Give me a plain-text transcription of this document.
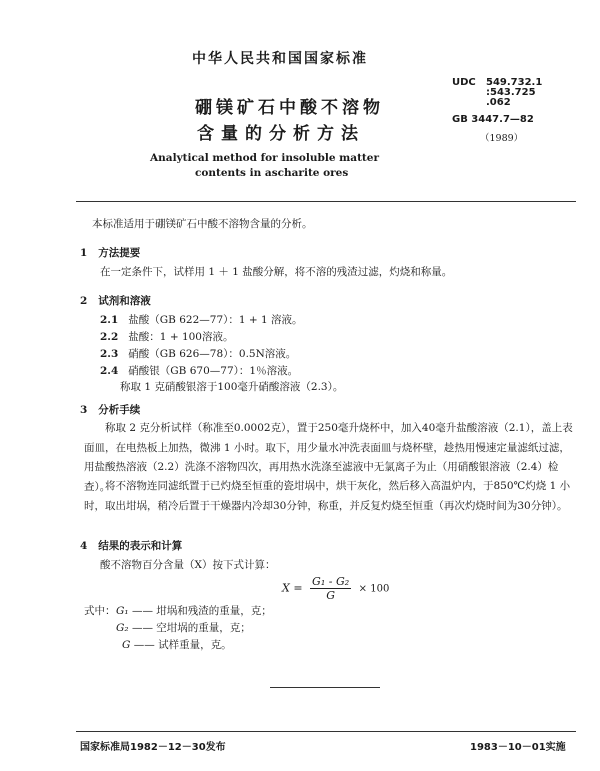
中华人民共和国国家标准
硼镁矿石中酸不溶物
含量的分析方法
Analytical method for insoluble matter
contents in ascharite ores
UDC 549.732.1
:543.725
.062
GB 3447.7—82
（1989）
本标准适用于硼镁矿石中酸不溶物含量的分析。
1 方法提要
在一定条件下，试样用 1 ＋ 1 盐酸分解，将不溶的残渣过滤，灼烧和称量。
2 试剂和溶液
2.1 盐酸（GB 622—77）：1 + 1 溶液。
2.2 盐酸：1 + 100溶液。
2.3 硝酸（GB 626—78）：0.5N溶液。
2.4 硝酸银（GB 670—77）：1％溶液。
称取 1 克硝酸银溶于100毫升硝酸溶液（2.3）。
3 分析手续
称取 2 克分析试样（称准至0.0002克），置于250毫升烧杯中，加入40毫升盐酸溶液（2.1），盖上表面皿，在电热板上加热，微沸 1 小时。取下，用少量水冲洗表面皿与烧杯壁，趁热用慢速定量滤纸过滤，用盐酸热溶液（2.2）洗涤不溶物四次，再用热水洗涤至滤液中无氯离子为止（用硝酸银溶液（2.4）检查）。
将不溶物连同滤纸置于已灼烧至恒重的瓷坩埚中，烘干灰化，然后移入高温炉内，于850℃灼烧 1 小时，取出坩埚，稍冷后置于干燥器内冷却30分钟，称重，并反复灼烧至恒重（再次灼烧时间为30分钟）。
4 结果的表示和计算
酸不溶物百分含量（X）按下式计算：
$X = \frac{\text{G₁ - G₂}}{G} \times 100$
式中： G₁ —— 坩埚和残渣的重量，克；
G₂ —— 空坩埚的重量，克；
G —— 试样重量，克。
国家标准局1982－12－30发布	1983－10－01实施
